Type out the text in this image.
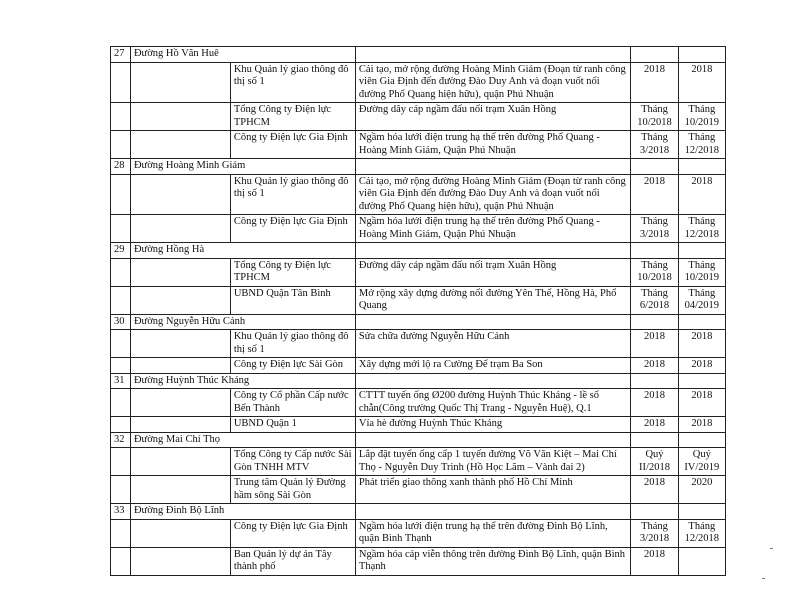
27	Đường Hồ Văn Huê				
		Khu Quản lý giao thông đô thị số 1	Cải tạo, mở rộng đường Hoàng Minh Giám (Đoạn từ ranh công viên Gia Định đến đường Đào Duy Anh và đoạn vuốt nối đường Phổ Quang hiện hữu), quận Phú Nhuận	2018	2018
		Tổng Công ty Điện lực TPHCM	Đường dây cáp ngầm đấu nối trạm Xuân Hồng	Tháng 10/2018	Tháng 10/2019
		Công ty Điện lực Gia Định	Ngầm hóa lưới điện trung hạ thế trên đường Phổ Quang - Hoàng Minh Giám, Quận Phú Nhuận	Tháng 3/2018	Tháng 12/2018
28	Đường Hoàng Minh Giám				
		Khu Quản lý giao thông đô thị số 1	Cải tạo, mở rộng đường Hoàng Minh Giám (Đoạn từ ranh công viên Gia Định đến đường Đào Duy Anh và đoạn vuốt nối đường Phổ Quang hiện hữu), quận Phú Nhuận	2018	2018
		Công ty Điện lực Gia Định	Ngầm hóa lưới điện trung hạ thế trên đường Phổ Quang - Hoàng Minh Giám, Quận Phú Nhuận	Tháng 3/2018	Tháng 12/2018
29	Đường Hồng Hà				
		Tổng Công ty Điện lực TPHCM	Đường dây cáp ngầm đấu nối trạm Xuân Hồng	Tháng 10/2018	Tháng 10/2019
		UBND Quận Tân Bình	Mở rộng xây dựng đường nối đường Yên Thế, Hồng Hà, Phổ Quang	Tháng 6/2018	Tháng 04/2019
30	Đường Nguyễn Hữu Cảnh				
		Khu Quản lý giao thông đô thị số 1	Sửa chữa đường Nguyễn Hữu Cảnh	2018	2018
		Công ty Điện lực Sài Gòn	Xây dựng mới lộ ra Cường Để trạm Ba Son	2018	2018
31	Đường Huỳnh Thúc Kháng				
		Công ty Cổ phần Cấp nước Bến Thành	CTTT tuyến ống Ø200 đường Huỳnh Thúc Kháng - lề số chẵn(Công trường Quốc Thị Trang - Nguyễn Huệ), Q.1	2018	2018
		UBND Quận 1	Vỉa hè đường Huỳnh Thúc Kháng	2018	2018
32	Đường Mai Chí Thọ				
		Tổng Công ty Cấp nước Sài Gòn TNHH MTV	Lắp đặt tuyến ống cấp 1 tuyến đường Võ Văn Kiệt – Mai Chí Thọ - Nguyễn Duy Trinh (Hồ Học Lãm – Vành đai 2)	Quý II/2018	Quý IV/2019
		Trung tâm Quản lý Đường hầm sông Sài Gòn	Phát triển giao thông xanh thành phố Hồ Chí Minh	2018	2020
33	Đường Đinh Bộ Lĩnh				
		Công ty Điện lực Gia Định	Ngầm hóa lưới điện trung hạ thế trên đường Đinh Bộ Lĩnh, quận Bình Thạnh	Tháng 3/2018	Tháng 12/2018
		Ban Quản lý dự án Tây thành phố	Ngầm hóa cáp viễn thông trên đường Đinh Bộ Lĩnh, quận Bình Thạnh	2018	
